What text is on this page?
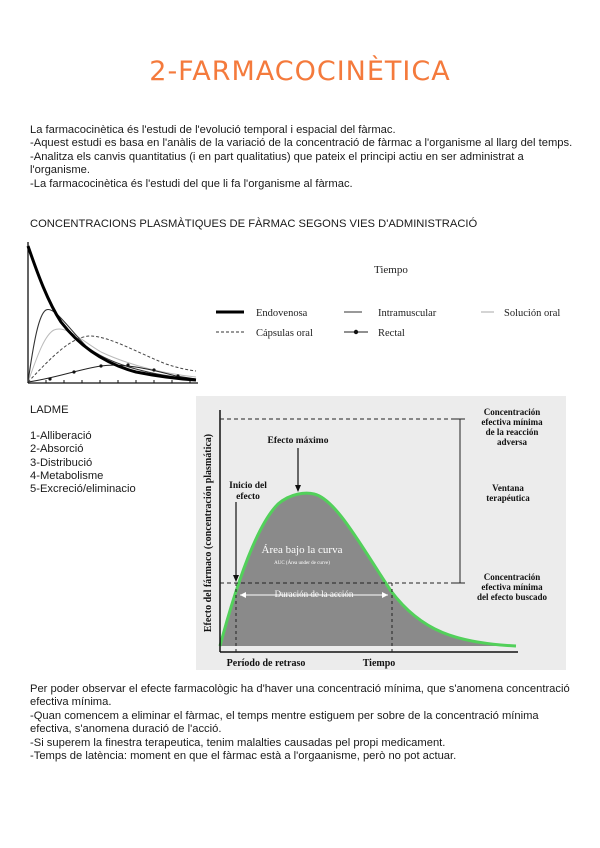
2-FARMACOCINÈTICA

La farmacocinètica és l'estudi de l'evolució temporal i espacial del fàrmac.

-Aquest estudi es basa en l'anàlis de la variació de la concentració de fàrmac a l'organisme al llarg del temps.

-Analitza els canvis quantitatius (i en part qualitatius) que pateix el principi actiu en ser administrat a l'organisme.

-La farmacocinètica és l'estudi del que li fa l'organisme al fàrmac.

CONCENTRACIONS PLASMÀTIQUES DE FÀRMAC SEGONS VIES D'ADMINISTRACIÓ
Tiempo
Endovenosa	Intramuscular	Solución oral
Cápsulas oral	Rectal
LADME
1-Alliberació
2-Absorció
3-Distribució
4-Metabolisme
5-Excreció/eliminacio
Efecto máximo
Inicio del
efecto
Área bajo la curva
AUC (Área under de curve)
Duración de la acción
Período de retraso	Tiempo
Efecto del fármaco (concentración plasmática)
Concentración
efectiva mínima
de la reacción
adversa
Ventana
terapéutica
Concentración
efectiva mínima
del efecto buscado

Per poder observar el efecte farmacològic ha d'haver una concentració mínima, que s'anomena concentració efectiva mínima.

-Quan comencem a eliminar el fàrmac, el temps mentre estiguem per sobre de la concentració mínima efectiva, s'anomena duració de l'acció.

-Si superem la finestra terapeutica, tenim malalties causadas pel propi medicament.

-Temps de latència: moment en que el fàrmac està a l'orgaanisme, però no pot actuar.
